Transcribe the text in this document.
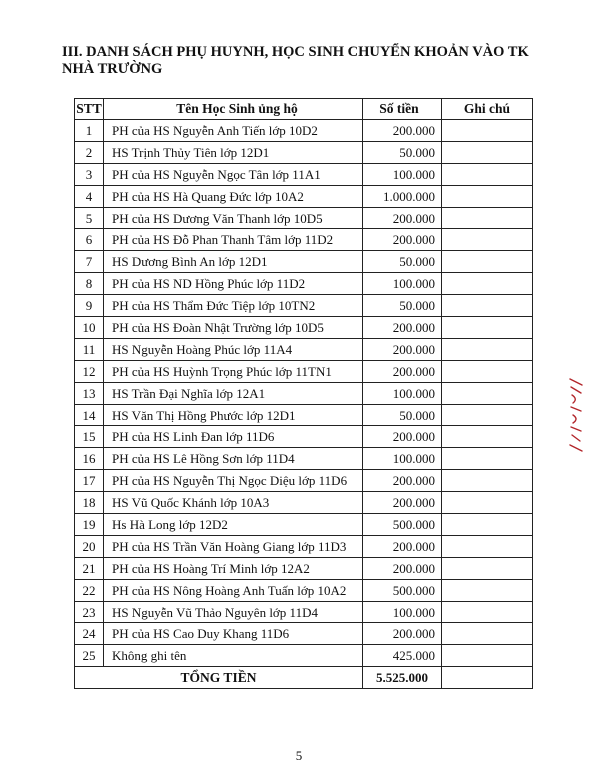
III. DANH SÁCH PHỤ HUYNH, HỌC SINH CHUYỂN KHOẢN VÀO TK NHÀ TRƯỜNG

STT	Tên Học Sinh ủng hộ	Số tiền	Ghi chú
1	PH của HS Nguyễn Anh Tiến lớp 10D2	200.000	
2	HS Trịnh Thủy Tiên lớp 12D1	50.000	
3	PH của HS Nguyễn Ngọc Tân lớp 11A1	100.000	
4	PH của HS Hà Quang Đức lớp 10A2	1.000.000	
5	PH của HS Dương Văn Thanh lớp 10D5	200.000	
6	PH của HS Đỗ Phan Thanh Tâm lớp 11D2	200.000	
7	HS Dương Bình An lớp 12D1	50.000	
8	PH của HS ND Hồng Phúc lớp 11D2	100.000	
9	PH của HS Thẩm Đức Tiệp lớp 10TN2	50.000	
10	PH của HS Đoàn Nhật Trường lớp 10D5	200.000	
11	HS Nguyễn Hoàng Phúc lớp 11A4	200.000	
12	PH của HS Huỳnh Trọng Phúc lớp 11TN1	200.000	
13	HS Trần Đại Nghĩa lớp 12A1	100.000	
14	HS Văn Thị Hồng Phước lớp 12D1	50.000	
15	PH của HS Linh Đan lớp 11D6	200.000	
16	PH của HS Lê Hồng Sơn lớp 11D4	100.000	
17	PH của HS Nguyễn Thị Ngọc Diệu lớp 11D6	200.000	
18	HS Vũ Quốc Khánh lớp 10A3	200.000	
19	Hs Hà Long lớp 12D2	500.000	
20	PH của HS Trần Văn Hoàng Giang lớp 11D3	200.000	
21	PH của HS Hoàng Trí Minh lớp 12A2	200.000	
22	PH của HS Nông Hoàng Anh Tuấn lớp 10A2	500.000	
23	HS Nguyễn Vũ Thảo Nguyên lớp 11D4	100.000	
24	PH của HS Cao Duy Khang 11D6	200.000	
25	Không ghi tên	425.000	
TỔNG TIỀN		5.525.000	
5
